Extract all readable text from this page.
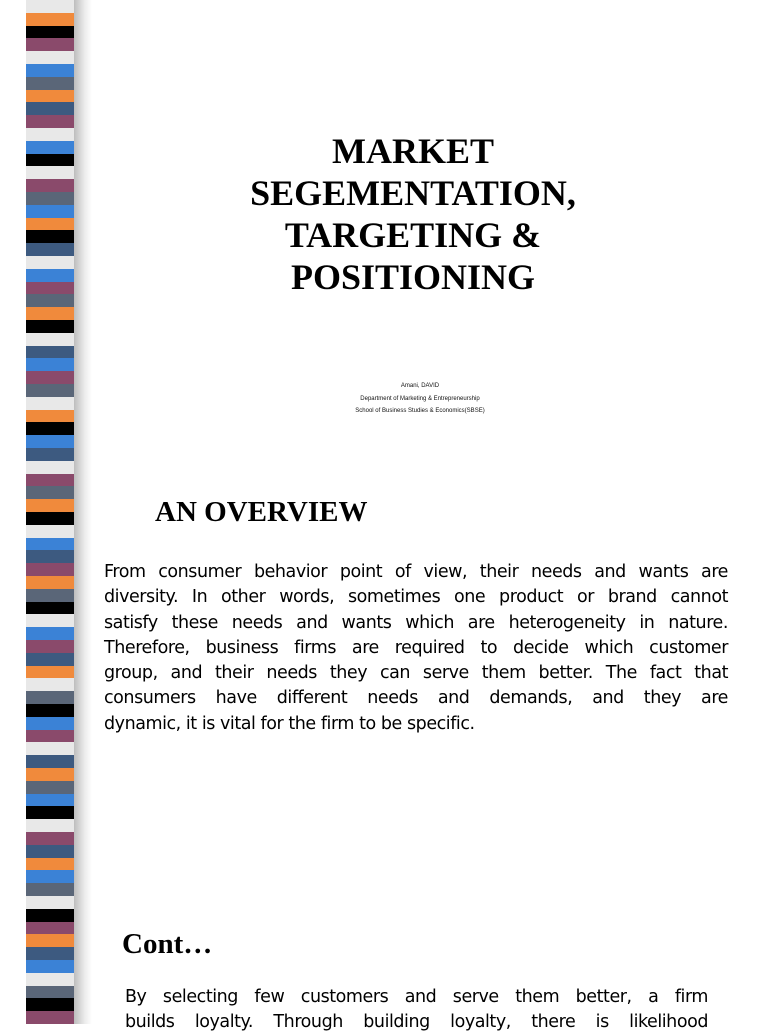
MARKET
SEGEMENTATION,
TARGETING &
POSITIONING
Amani, DAVID
Department of Marketing & Entrepreneurship
School of Business Studies & Economics(SBSE)
AN OVERVIEW
From consumer behavior point of view, their needs and wants are
diversity. In other words, sometimes one product or brand cannot
satisfy these needs and wants which are heterogeneity in nature.
Therefore, business firms are required to decide which customer
group, and their needs they can serve them better. The fact that
consumers have different needs and demands, and they are
dynamic, it is vital for the firm to be specific.
Cont…
By selecting few customers and serve them better, a firm
builds loyalty. Through building loyalty, there is likelihood
